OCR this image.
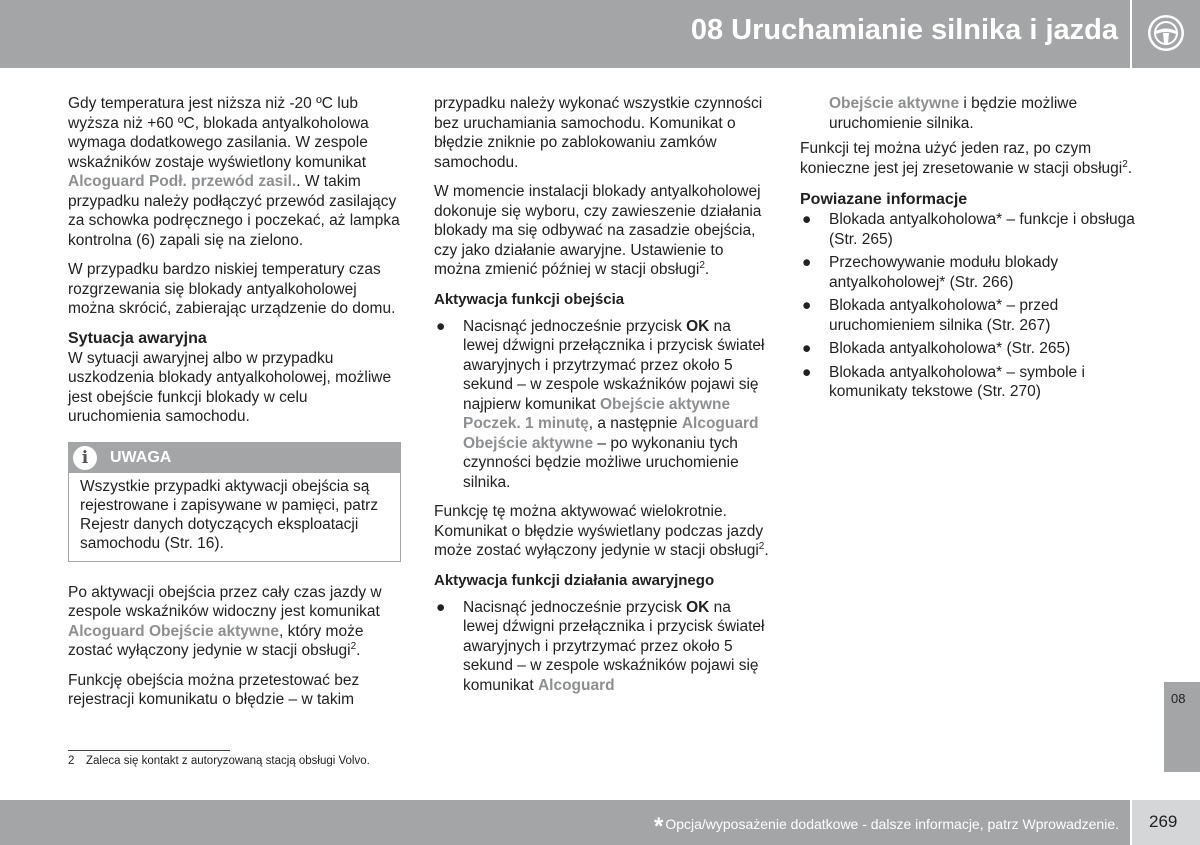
08 Uruchamianie silnika i jazda

Gdy temperatura jest niższa niż -20 ºC lub wyższa niż +60 ºC, blokada antyalkoholowa wymaga dodatkowego zasilania. W zespole wskaźników zostaje wyświetlony komunikat Alcoguard Podł. przewód zasil.. W takim przypadku należy podłączyć przewód zasilający za schowka podręcznego i poczekać, aż lampka kontrolna (6) zapali się na zielono.

W przypadku bardzo niskiej temperatury czas rozgrzewania się blokady antyalkoholowej można skrócić, zabierając urządzenie do domu.

Sytuacja awaryjna

W sytuacji awaryjnej albo w przypadku uszkodzenia blokady antyalkoholowej, możliwe jest obejście funkcji blokady w celu uruchomienia samochodu.

i	UWAGA
Wszystkie przypadki aktywacji obejścia są rejestrowane i zapisywane w pamięci, patrz Rejestr danych dotyczących eksploatacji samochodu (Str. 16).

Po aktywacji obejścia przez cały czas jazdy w zespole wskaźników widoczny jest komunikat Alcoguard Obejście aktywne, który może zostać wyłączony jedynie w stacji obsługi$^2$.

Funkcję obejścia można przetestować bez rejestracji komunikatu o błędzie – w takim

przypadku należy wykonać wszystkie czynności bez uruchamiania samochodu. Komunikat o błędzie zniknie po zablokowaniu zamków samochodu.

W momencie instalacji blokady antyalkoholowej dokonuje się wyboru, czy zawieszenie działania blokady ma się odbywać na zasadzie obejścia, czy jako działanie awaryjne. Ustawienie to można zmienić później w stacji obsługi$^2$.

Aktywacja funkcji obejścia
● Nacisnąć jednocześnie przycisk OK na lewej dźwigni przełącznika i przycisk świateł awaryjnych i przytrzymać przez około 5 sekund – w zespole wskaźników pojawi się najpierw komunikat Obejście aktywne Poczek. 1 minutę, a następnie Alcoguard Obejście aktywne – po wykonaniu tych czynności będzie możliwe uruchomienie silnika.

Funkcję tę można aktywować wielokrotnie. Komunikat o błędzie wyświetlany podczas jazdy może zostać wyłączony jedynie w stacji obsługi$^2$.

Aktywacja funkcji działania awaryjnego
● Nacisnąć jednocześnie przycisk OK na lewej dźwigni przełącznika i przycisk świateł awaryjnych i przytrzymać przez około 5 sekund – w zespole wskaźników pojawi się komunikat Alcoguard

Obejście aktywne i będzie możliwe uruchomienie silnika.

Funkcji tej można użyć jeden raz, po czym konieczne jest jej zresetowanie w stacji obsługi$^2$.

Powiazane informacje
● Blokada antyalkoholowa* – funkcje i obsługa (Str. 265)
● Przechowywanie modułu blokady antyalkoholowej* (Str. 266)
● Blokada antyalkoholowa* – przed uruchomieniem silnika (Str. 267)
● Blokada antyalkoholowa* (Str. 265)
● Blokada antyalkoholowa* – symbole i komunikaty tekstowe (Str. 270)
2 Zaleca się kontakt z autoryzowaną stacją obsługi Volvo.
08
* Opcja/wyposażenie dodatkowe - dalsze informacje, patrz Wprowadzenie. 269
